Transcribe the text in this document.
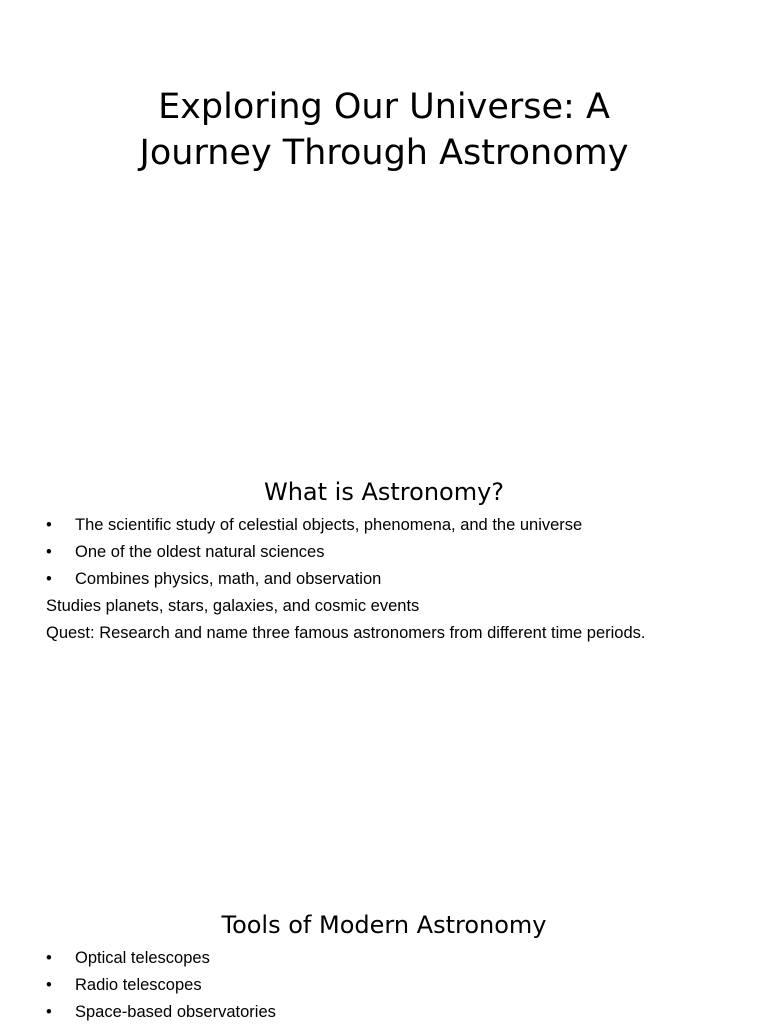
Exploring Our Universe: A
Journey Through Astronomy
What is Astronomy?
• The scientific study of celestial objects, phenomena, and the universe
• One of the oldest natural sciences
• Combines physics, math, and observation

Studies planets, stars, galaxies, and cosmic events

Quest: Research and name three famous astronomers from different time periods.

Tools of Modern Astronomy
• Optical telescopes
• Radio telescopes
• Space-based observatories
